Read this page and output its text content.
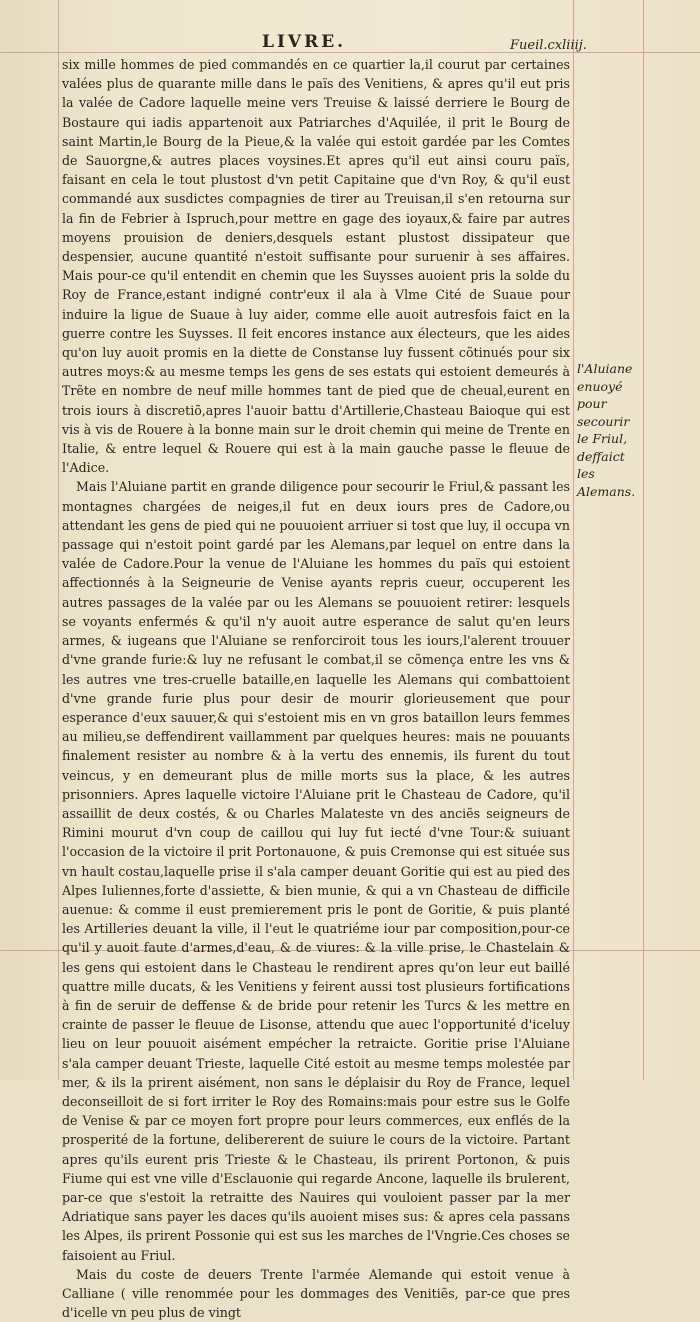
LIVRE.	Fueil.cxliiij.

six mille hommes de pied commandés en ce quartier la,il courut par certaines valées plus de quarante mille dans le païs des Venitiens, & apres qu'il eut pris la valée de Cadore laquelle meine vers Treuise & laissé derriere le Bourg de Bostaure qui iadis appartenoit aux Patriarches d'Aquilée, il prit le Bourg de saint Martin,le Bourg de la Pieue,& la valée qui estoit gardée par les Comtes de Sauorgne,& autres places voysines.Et apres qu'il eut ainsi couru païs, faisant en cela le tout plustost d'vn petit Capitaine que d'vn Roy, & qu'il eust commandé aux susdictes compagnies de tirer au Treuisan,il s'en retourna sur la fin de Febrier à Ispruch,pour mettre en gage des ioyaux,& faire par autres moyens prouision de deniers,desquels estant plustost dissipateur que despensier, aucune quantité n'estoit suffisante pour suruenir à ses affaires. Mais pour-ce qu'il entendit en chemin que les Suysses auoient pris la solde du Roy de France,estant indigné contr'eux il ala à Vlme Cité de Suaue pour induire la ligue de Suaue à luy aider, comme elle auoit autresfois faict en la guerre contre les Suysses. Il feit encores instance aux électeurs, que les aides qu'on luy auoit promis en la diette de Constanse luy fussent cõtinués pour six autres moys:& au mesme temps les gens de ses estats qui estoient demeurés à Trẽte en nombre de neuf mille hommes tant de pied que de cheual,eurent en trois iours à discretiõ,apres l'auoir battu d'Artillerie,Chasteau Baioque qui est vis à vis de Rouere à la bonne main sur le droit chemin qui meine de Trente en Italie, & entre lequel & Rouere qui est à la main gauche passe le fleuue de l'Adice.

Mais l'Aluiane partit en grande diligence pour secourir le Friul,& passant les montagnes chargées de neiges,il fut en deux iours pres de Cadore,ou attendant les gens de pied qui ne pouuoient arriuer si tost que luy, il occupa vn passage qui n'estoit point gardé par les Alemans,par lequel on entre dans la valée de Cadore.Pour la venue de l'Aluiane les hommes du païs qui estoient affectionnés à la Seigneurie de Venise ayants repris cueur, occuperent les autres passages de la valée par ou les Alemans se pouuoient retirer: lesquels se voyants enfermés & qu'il n'y auoit autre esperance de salut qu'en leurs armes, & iugeans que l'Aluiane se renforciroit tous les iours,l'alerent trouuer d'vne grande furie:& luy ne refusant le combat,il se cõmença entre les vns & les autres vne tres-cruelle bataille,en laquelle les Alemans qui combattoient d'vne grande furie plus pour desir de mourir glorieusement que pour esperance d'eux sauuer,& qui s'estoient mis en vn gros bataillon leurs femmes au milieu,se deffendirent vaillamment par quelques heures: mais ne pouuants finalement resister au nombre & à la vertu des ennemis, ils furent du tout veincus, y en demeurant plus de mille morts sus la place, & les autres prisonniers. Apres laquelle victoire l'Aluiane prit le Chasteau de Cadore, qu'il assaillit de deux costés, & ou Charles Malateste vn des anciẽs seigneurs de Rimini mourut d'vn coup de caillou qui luy fut iecté d'vne Tour:& suiuant l'occasion de la victoire il prit Portonauone, & puis Cremonse qui est située sus vn hault costau,laquelle prise il s'ala camper deuant Goritie qui est au pied des Alpes Iuliennes,forte d'assiette, & bien munie, & qui a vn Chasteau de difficile auenue: & comme il eust premierement pris le pont de Goritie, & puis planté les Artilleries deuant la ville, il l'eut le quatriéme iour par composition,pour-ce qu'il y auoit faute d'armes,d'eau, & de viures: & la ville prise, le Chastelain & les gens qui estoient dans le Chasteau le rendirent apres qu'on leur eut baillé quattre mille ducats, & les Venitiens y feirent aussi tost plusieurs fortifications à fin de seruir de deffense & de bride pour retenir les Turcs & les mettre en crainte de passer le fleuue de Lisonse, attendu que auec l'opportunité d'iceluy lieu on leur pouuoit aisément empécher la retraicte. Goritie prise l'Aluiane s'ala camper deuant Trieste, laquelle Cité estoit au mesme temps molestée par mer, & ils la prirent aisément, non sans le déplaisir du Roy de France, lequel deconseilloit de si fort irriter le Roy des Romains:mais pour estre sus le Golfe de Venise & par ce moyen fort propre pour leurs commerces, eux enflés de la prosperité de la fortune, delibererent de suiure le cours de la victoire. Partant apres qu'ils eurent pris Trieste & le Chasteau, ils prirent Portonon, & puis Fiume qui est vne ville d'Esclauonie qui regarde Ancone, laquelle ils brulerent, par-ce que s'estoit la retraitte des Nauires qui vouloient passer par la mer Adriatique sans payer les daces qu'ils auoient mises sus: & apres cela passans les Alpes, ils prirent Possonie qui est sus les marches de l'Vngrie.Ces choses se faisoient au Friul.

Mais du coste de deuers Trente l'armée Alemande qui estoit venue à Calliane ( ville renommée pour les dommages des Venitiẽs, par-ce que pres d'icelle vn peu plus de vingt

l'Aluiane enuoyé pour secourir le Friul, deffaict les Alemans.
